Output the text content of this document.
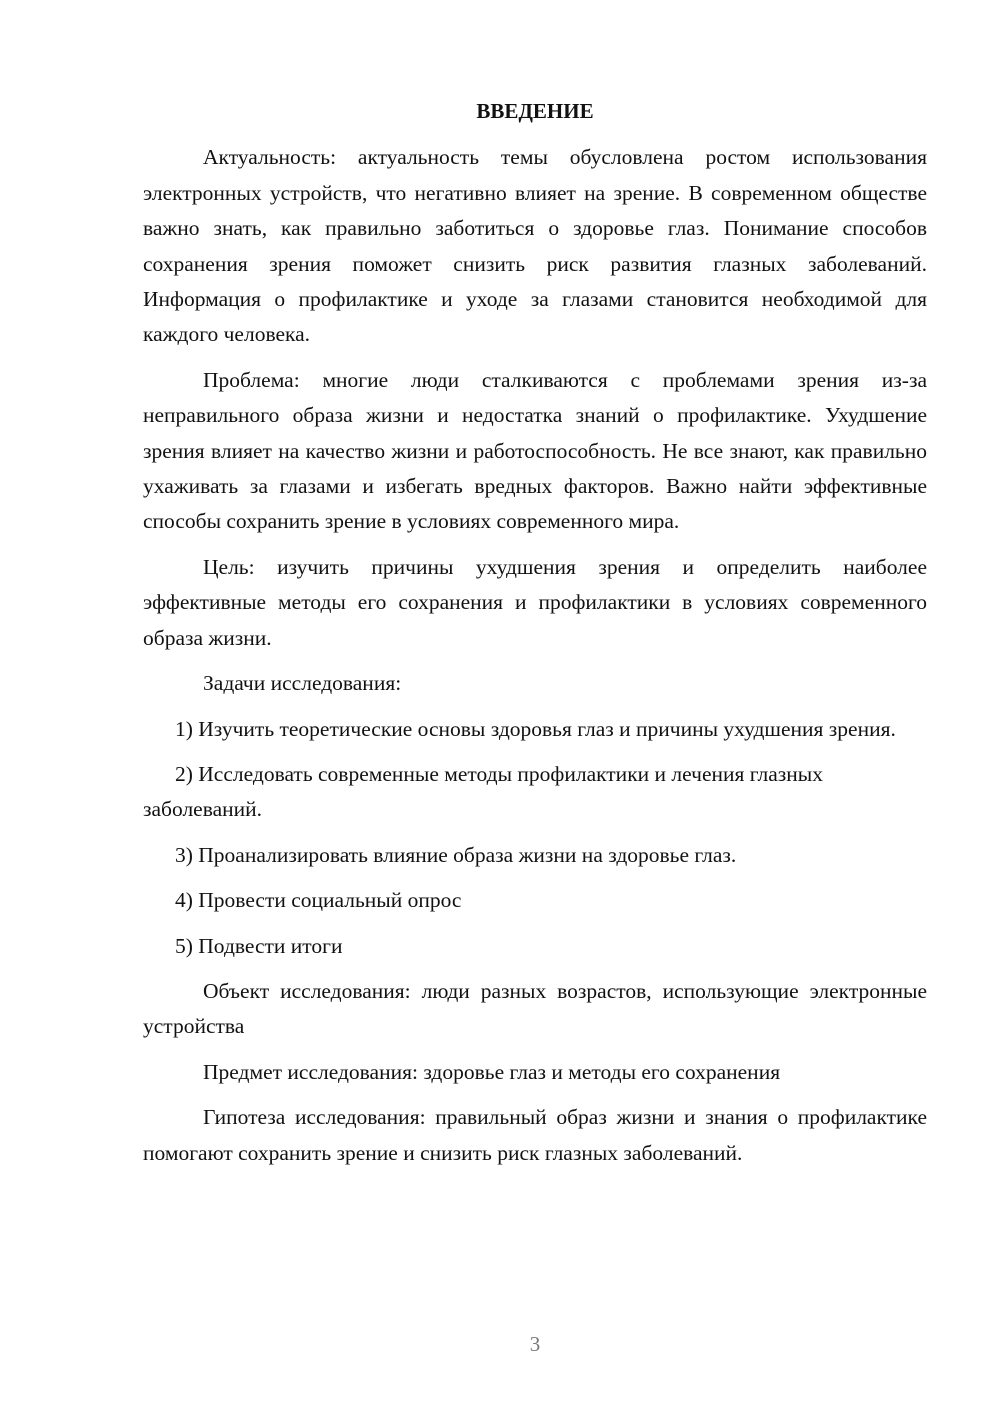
ВВЕДЕНИЕ

Актуальность: актуальность темы обусловлена ростом использования электронных устройств, что негативно влияет на зрение. В современном обществе важно знать, как правильно заботиться о здоровье глаз. Понимание способов сохранения зрения поможет снизить риск развития глазных заболеваний. Информация о профилактике и уходе за глазами становится необходимой для каждого человека.

Проблема: многие люди сталкиваются с проблемами зрения из-за неправильного образа жизни и недостатка знаний о профилактике. Ухудшение зрения влияет на качество жизни и работоспособность. Не все знают, как правильно ухаживать за глазами и избегать вредных факторов. Важно найти эффективные способы сохранить зрение в условиях современного мира.

Цель: изучить причины ухудшения зрения и определить наиболее эффективные методы его сохранения и профилактики в условиях современного образа жизни.

Задачи исследования:

1) Изучить теоретические основы здоровья глаз и причины ухудшения зрения.

2) Исследовать современные методы профилактики и лечения глазных заболеваний.

3) Проанализировать влияние образа жизни на здоровье глаз.

4) Провести социальный опрос

5) Подвести итоги

Объект исследования: люди разных возрастов, использующие электронные устройства

Предмет исследования: здоровье глаз и методы его сохранения

Гипотеза исследования: правильный образ жизни и знания о профилактике помогают сохранить зрение и снизить риск глазных заболеваний.

3
